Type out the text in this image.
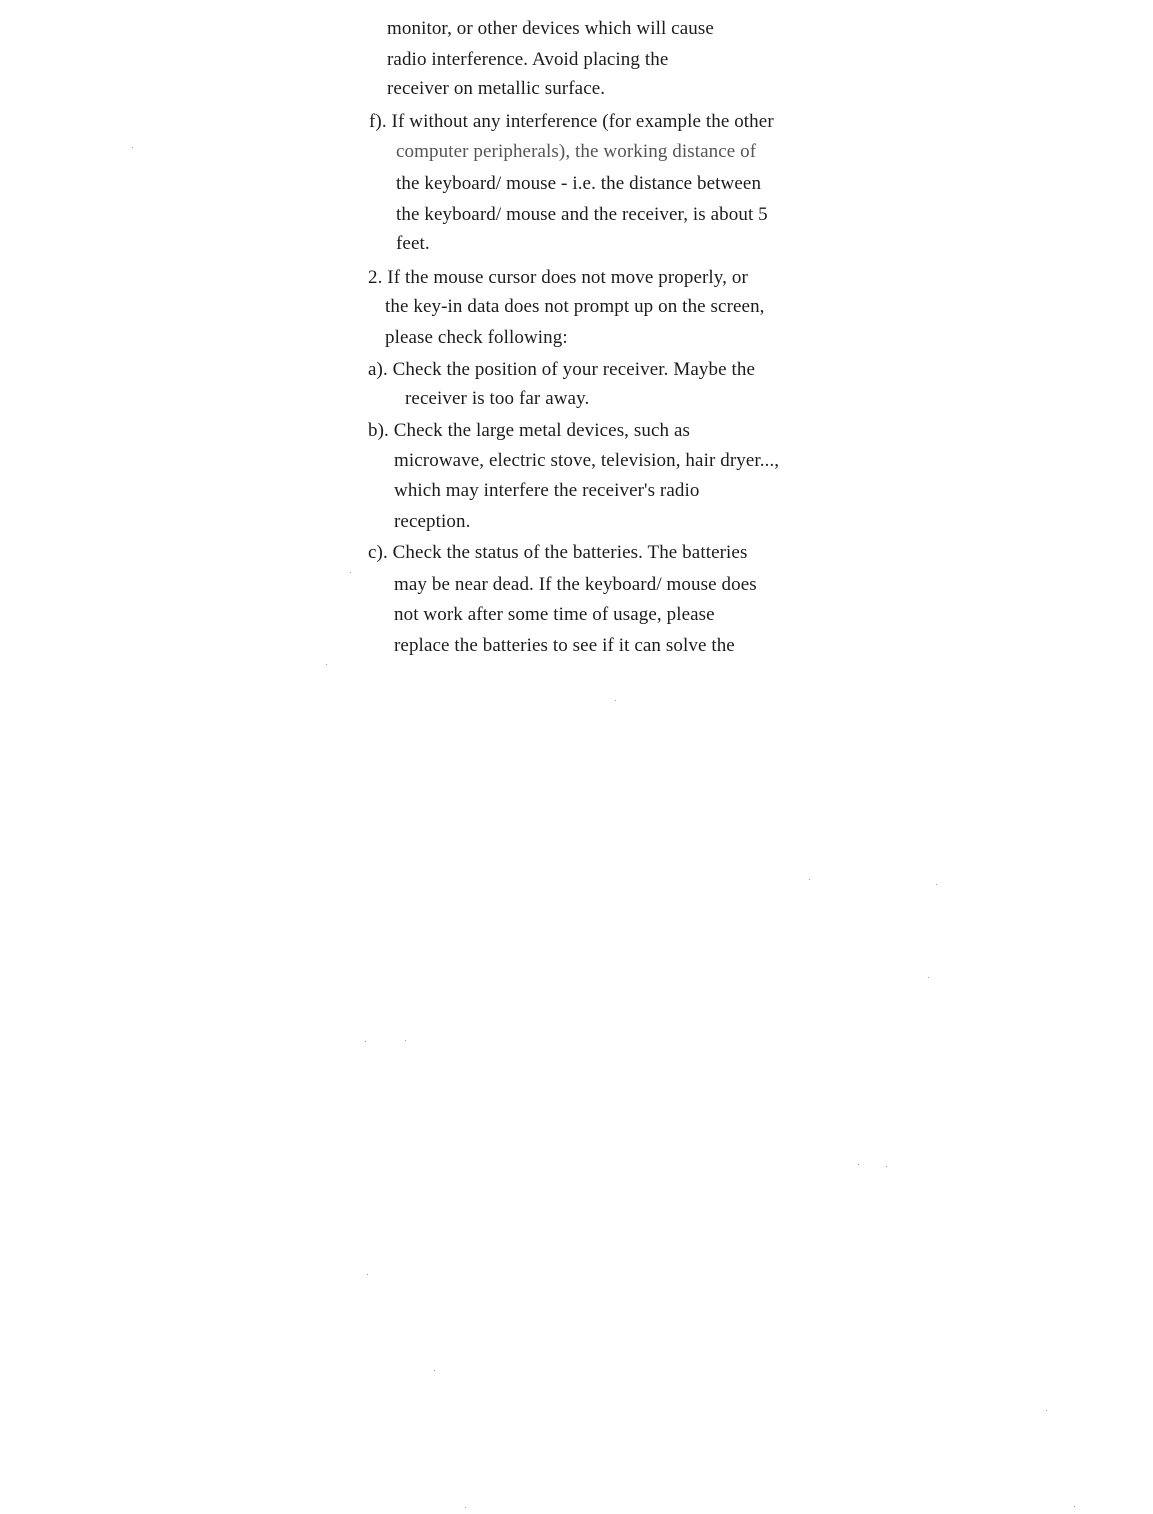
monitor, or other devices which will cause
radio interference. Avoid placing the
receiver on metallic surface.
f). If without any interference (for example the other
computer peripherals), the working distance of
the keyboard/ mouse - i.e. the distance between
the keyboard/ mouse and the receiver, is about 5
feet.
2. If the mouse cursor does not move properly, or
the key-in data does not prompt up on the screen,
please check following:
a). Check the position of your receiver. Maybe the
receiver is too far away.
b). Check the large metal devices, such as
microwave, electric stove, television, hair dryer...,
which may interfere the receiver's radio
reception.
c). Check the status of the batteries. The batteries
may be near dead. If the keyboard/ mouse does
not work after some time of usage, please
replace the batteries to see if it can solve the
